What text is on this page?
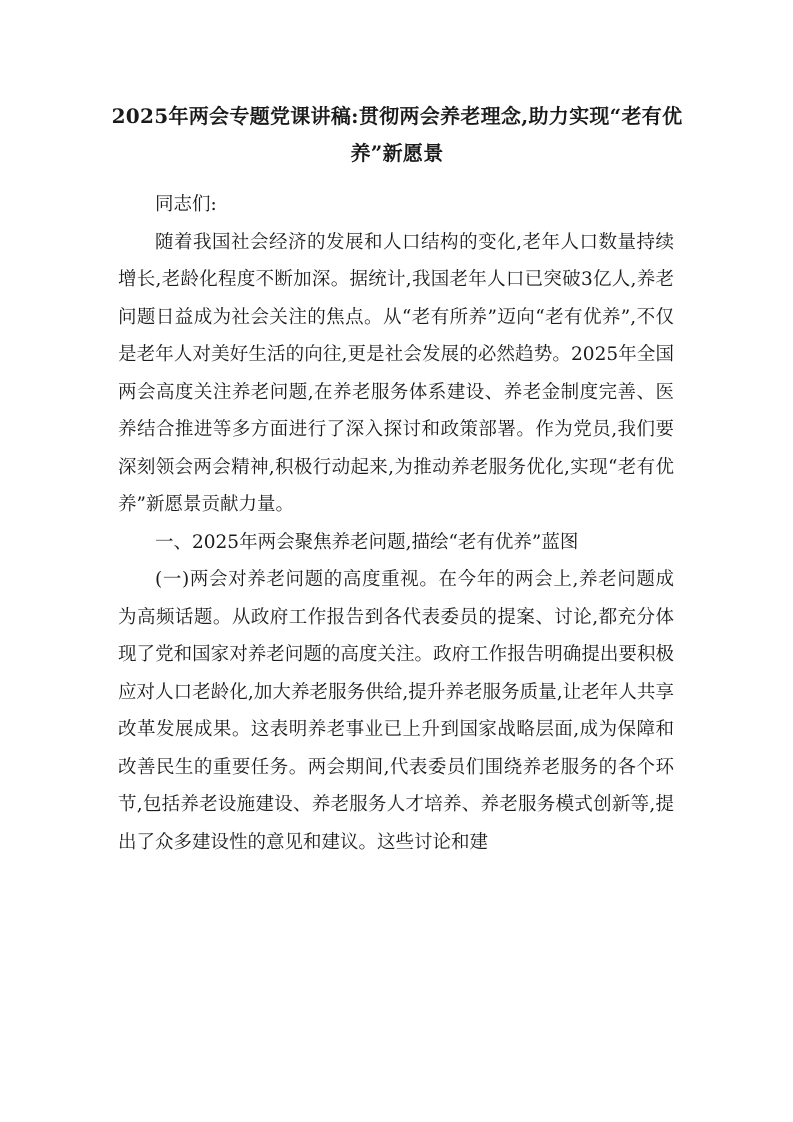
2025年两会专题党课讲稿:贯彻两会养老理念,助力实现“老有优养”新愿景

同志们:

随着我国社会经济的发展和人口结构的变化,老年人口数量持续增长,老龄化程度不断加深。据统计,我国老年人口已突破3亿人,养老问题日益成为社会关注的焦点。从“老有所养”迈向“老有优养”,不仅是老年人对美好生活的向往,更是社会发展的必然趋势。2025年全国两会高度关注养老问题,在养老服务体系建设、养老金制度完善、医养结合推进等多方面进行了深入探讨和政策部署。作为党员,我们要深刻领会两会精神,积极行动起来,为推动养老服务优化,实现“老有优养”新愿景贡献力量。

一、2025年两会聚焦养老问题,描绘“老有优养”蓝图

(一)两会对养老问题的高度重视。在今年的两会上,养老问题成为高频话题。从政府工作报告到各代表委员的提案、讨论,都充分体现了党和国家对养老问题的高度关注。政府工作报告明确提出要积极应对人口老龄化,加大养老服务供给,提升养老服务质量,让老年人共享改革发展成果。这表明养老事业已上升到国家战略层面,成为保障和改善民生的重要任务。两会期间,代表委员们围绕养老服务的各个环节,包括养老设施建设、养老服务人才培养、养老服务模式创新等,提出了众多建设性的意见和建议。这些讨论和建
